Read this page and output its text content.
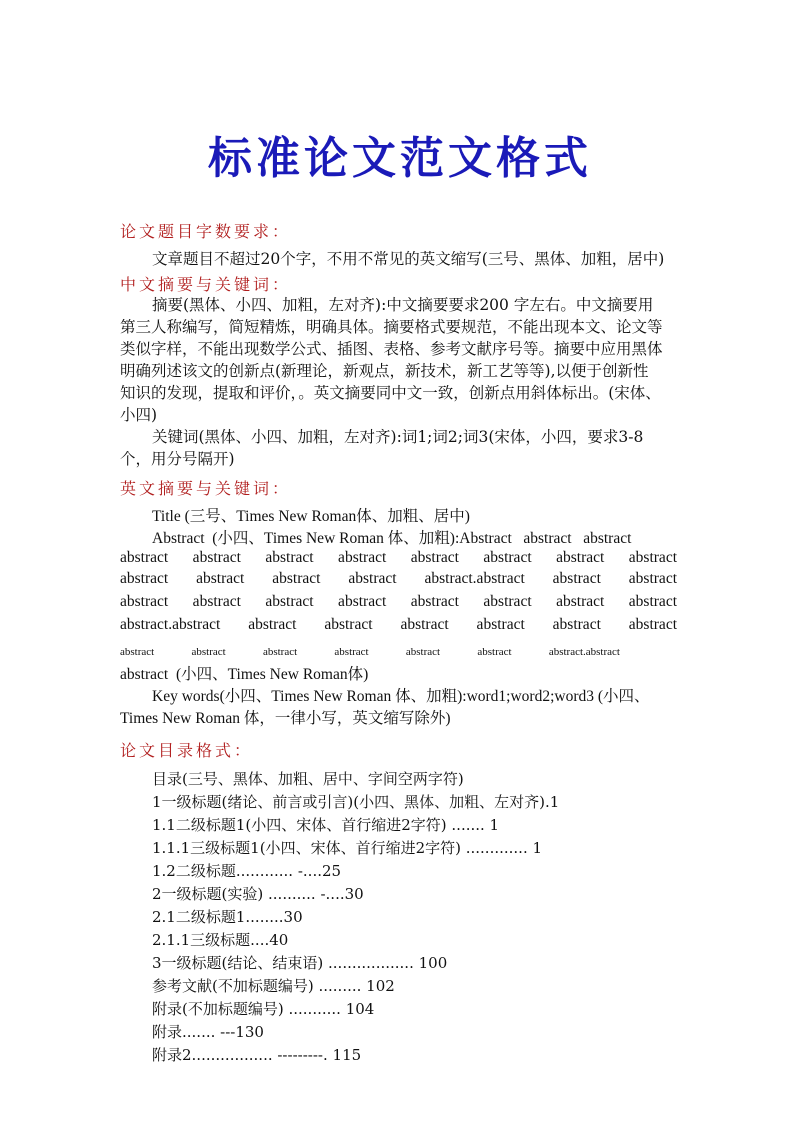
标准论文范文格式
论文题目字数要求：
文章题目不超过20个字，不用不常见的英文缩写(三号、黑体、加粗，居中)
中文摘要与关键词：
摘要(黑体、小四、加粗，左对齐):中文摘要要求200 字左右。中文摘要用
第三人称编写，简短精炼，明确具体。摘要格式要规范，不能出现本文、论文等
类似字样，不能出现数学公式、插图、表格、参考文献序号等。摘要中应用黑体
明确列述该文的创新点(新理论，新观点，新技术，新工艺等等),以便于创新性
知识的发现，提取和评价，。英文摘要同中文一致，创新点用斜体标出。(宋体、
小四)
关键词(黑体、小四、加粗，左对齐):词1;词2;词3(宋体，小四，要求3-8
个，用分号隔开)
英文摘要与关键词：
Title (三号、Times New Roman体、加粗、居中)
Abstract  (小四、Times New Roman 体、加粗):Abstract   abstract   abstract
abstract abstract abstract abstract abstract abstract abstract abstract
abstract abstract abstract abstract abstract.abstract abstract abstract
abstract abstract abstract abstract abstract abstract abstract abstract
abstract.abstract abstract abstract abstract abstract abstract abstract
abstract	abstract	abstract	abstract	abstract	abstract	abstract.abstract
abstract  (小四、Times New Roman体)
Key words(小四、Times New Roman 体、加粗):word1;word2;word3 (小四、
Times New Roman 体，一律小写，英文缩写除外)
论文目录格式：
目录(三号、黑体、加粗、居中、字间空两字符)
1一级标题(绪论、前言或引言)(小四、黑体、加粗、左对齐).1
1.1二级标题1(小四、宋体、首行缩进2字符) ....... 1
1.1.1三级标题1(小四、宋体、首行缩进2字符) ............. 1
1.2二级标题............ -....25
2一级标题(实验) .......... -....30
2.1二级标题1........30
2.1.1三级标题....40
3一级标题(结论、结束语) .................. 100
参考文献(不加标题编号) ......... 102
附录(不加标题编号) ........... 104
附录....... ---130
附录2................. ---------. 115
